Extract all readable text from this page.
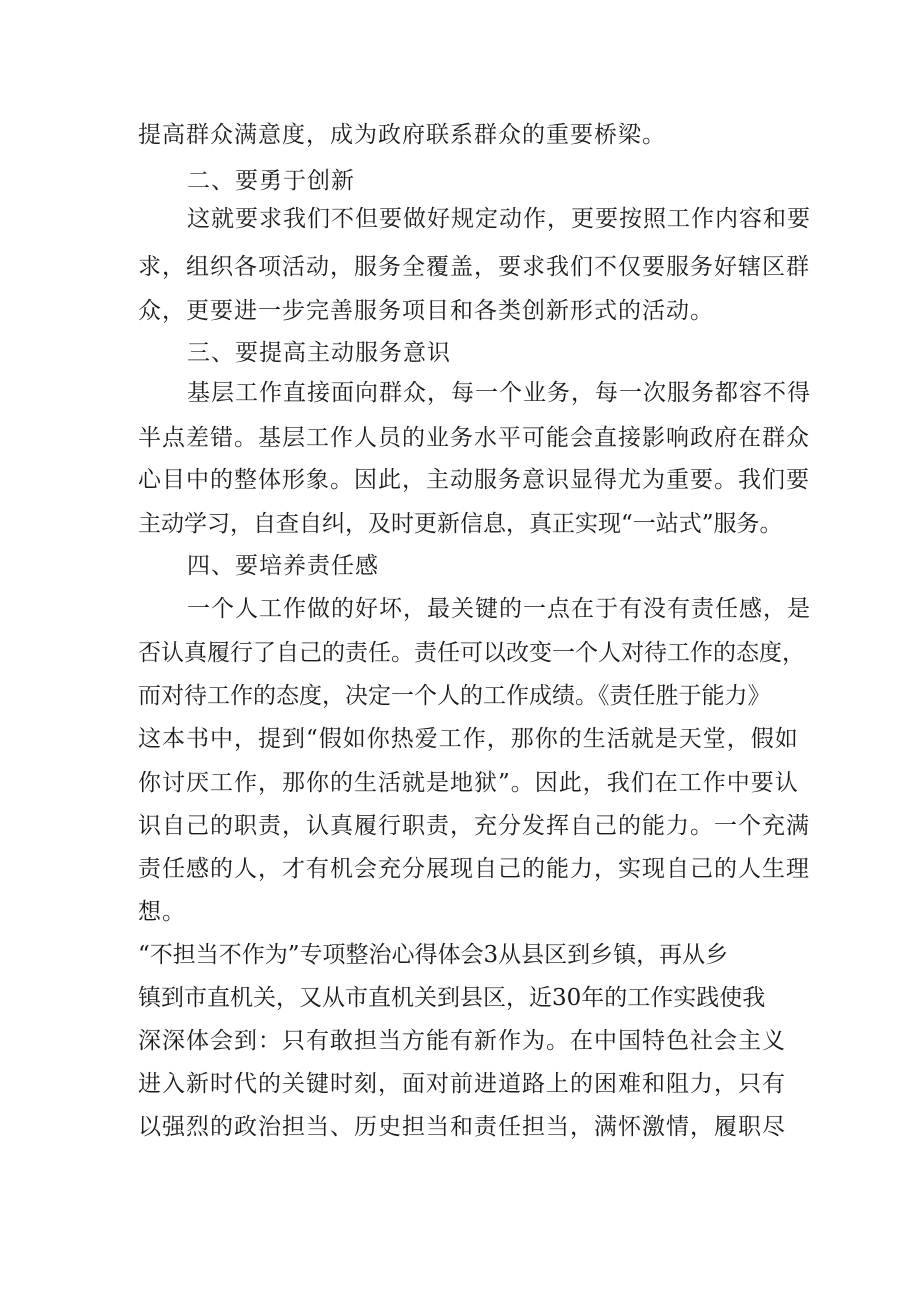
提高群众满意度，成为政府联系群众的重要桥梁。
二、要勇于创新
这就要求我们不但要做好规定动作，更要按照工作内容和要
求，组织各项活动，服务全覆盖，要求我们不仅要服务好辖区群
众，更要进一步完善服务项目和各类创新形式的活动。
三、要提高主动服务意识
基层工作直接面向群众，每一个业务，每一次服务都容不得
半点差错。基层工作人员的业务水平可能会直接影响政府在群众
心目中的整体形象。因此，主动服务意识显得尤为重要。我们要
主动学习，自查自纠，及时更新信息，真正实现“一站式”服务。
四、要培养责任感
一个人工作做的好坏，最关键的一点在于有没有责任感，是
否认真履行了自己的责任。责任可以改变一个人对待工作的态度，
而对待工作的态度，决定一个人的工作成绩。《责任胜于能力》
这本书中，提到“假如你热爱工作，那你的生活就是天堂，假如
你讨厌工作，那你的生活就是地狱”。因此，我们在工作中要认
识自己的职责，认真履行职责，充分发挥自己的能力。一个充满
责任感的人，才有机会充分展现自己的能力，实现自己的人生理
想。
“不担当不作为”专项整治心得体会3从县区到乡镇，再从乡
镇到市直机关，又从市直机关到县区，近30年的工作实践使我
深深体会到：只有敢担当方能有新作为。在中国特色社会主义
进入新时代的关键时刻，面对前进道路上的困难和阻力，只有
以强烈的政治担当、历史担当和责任担当，满怀激情，履职尽
